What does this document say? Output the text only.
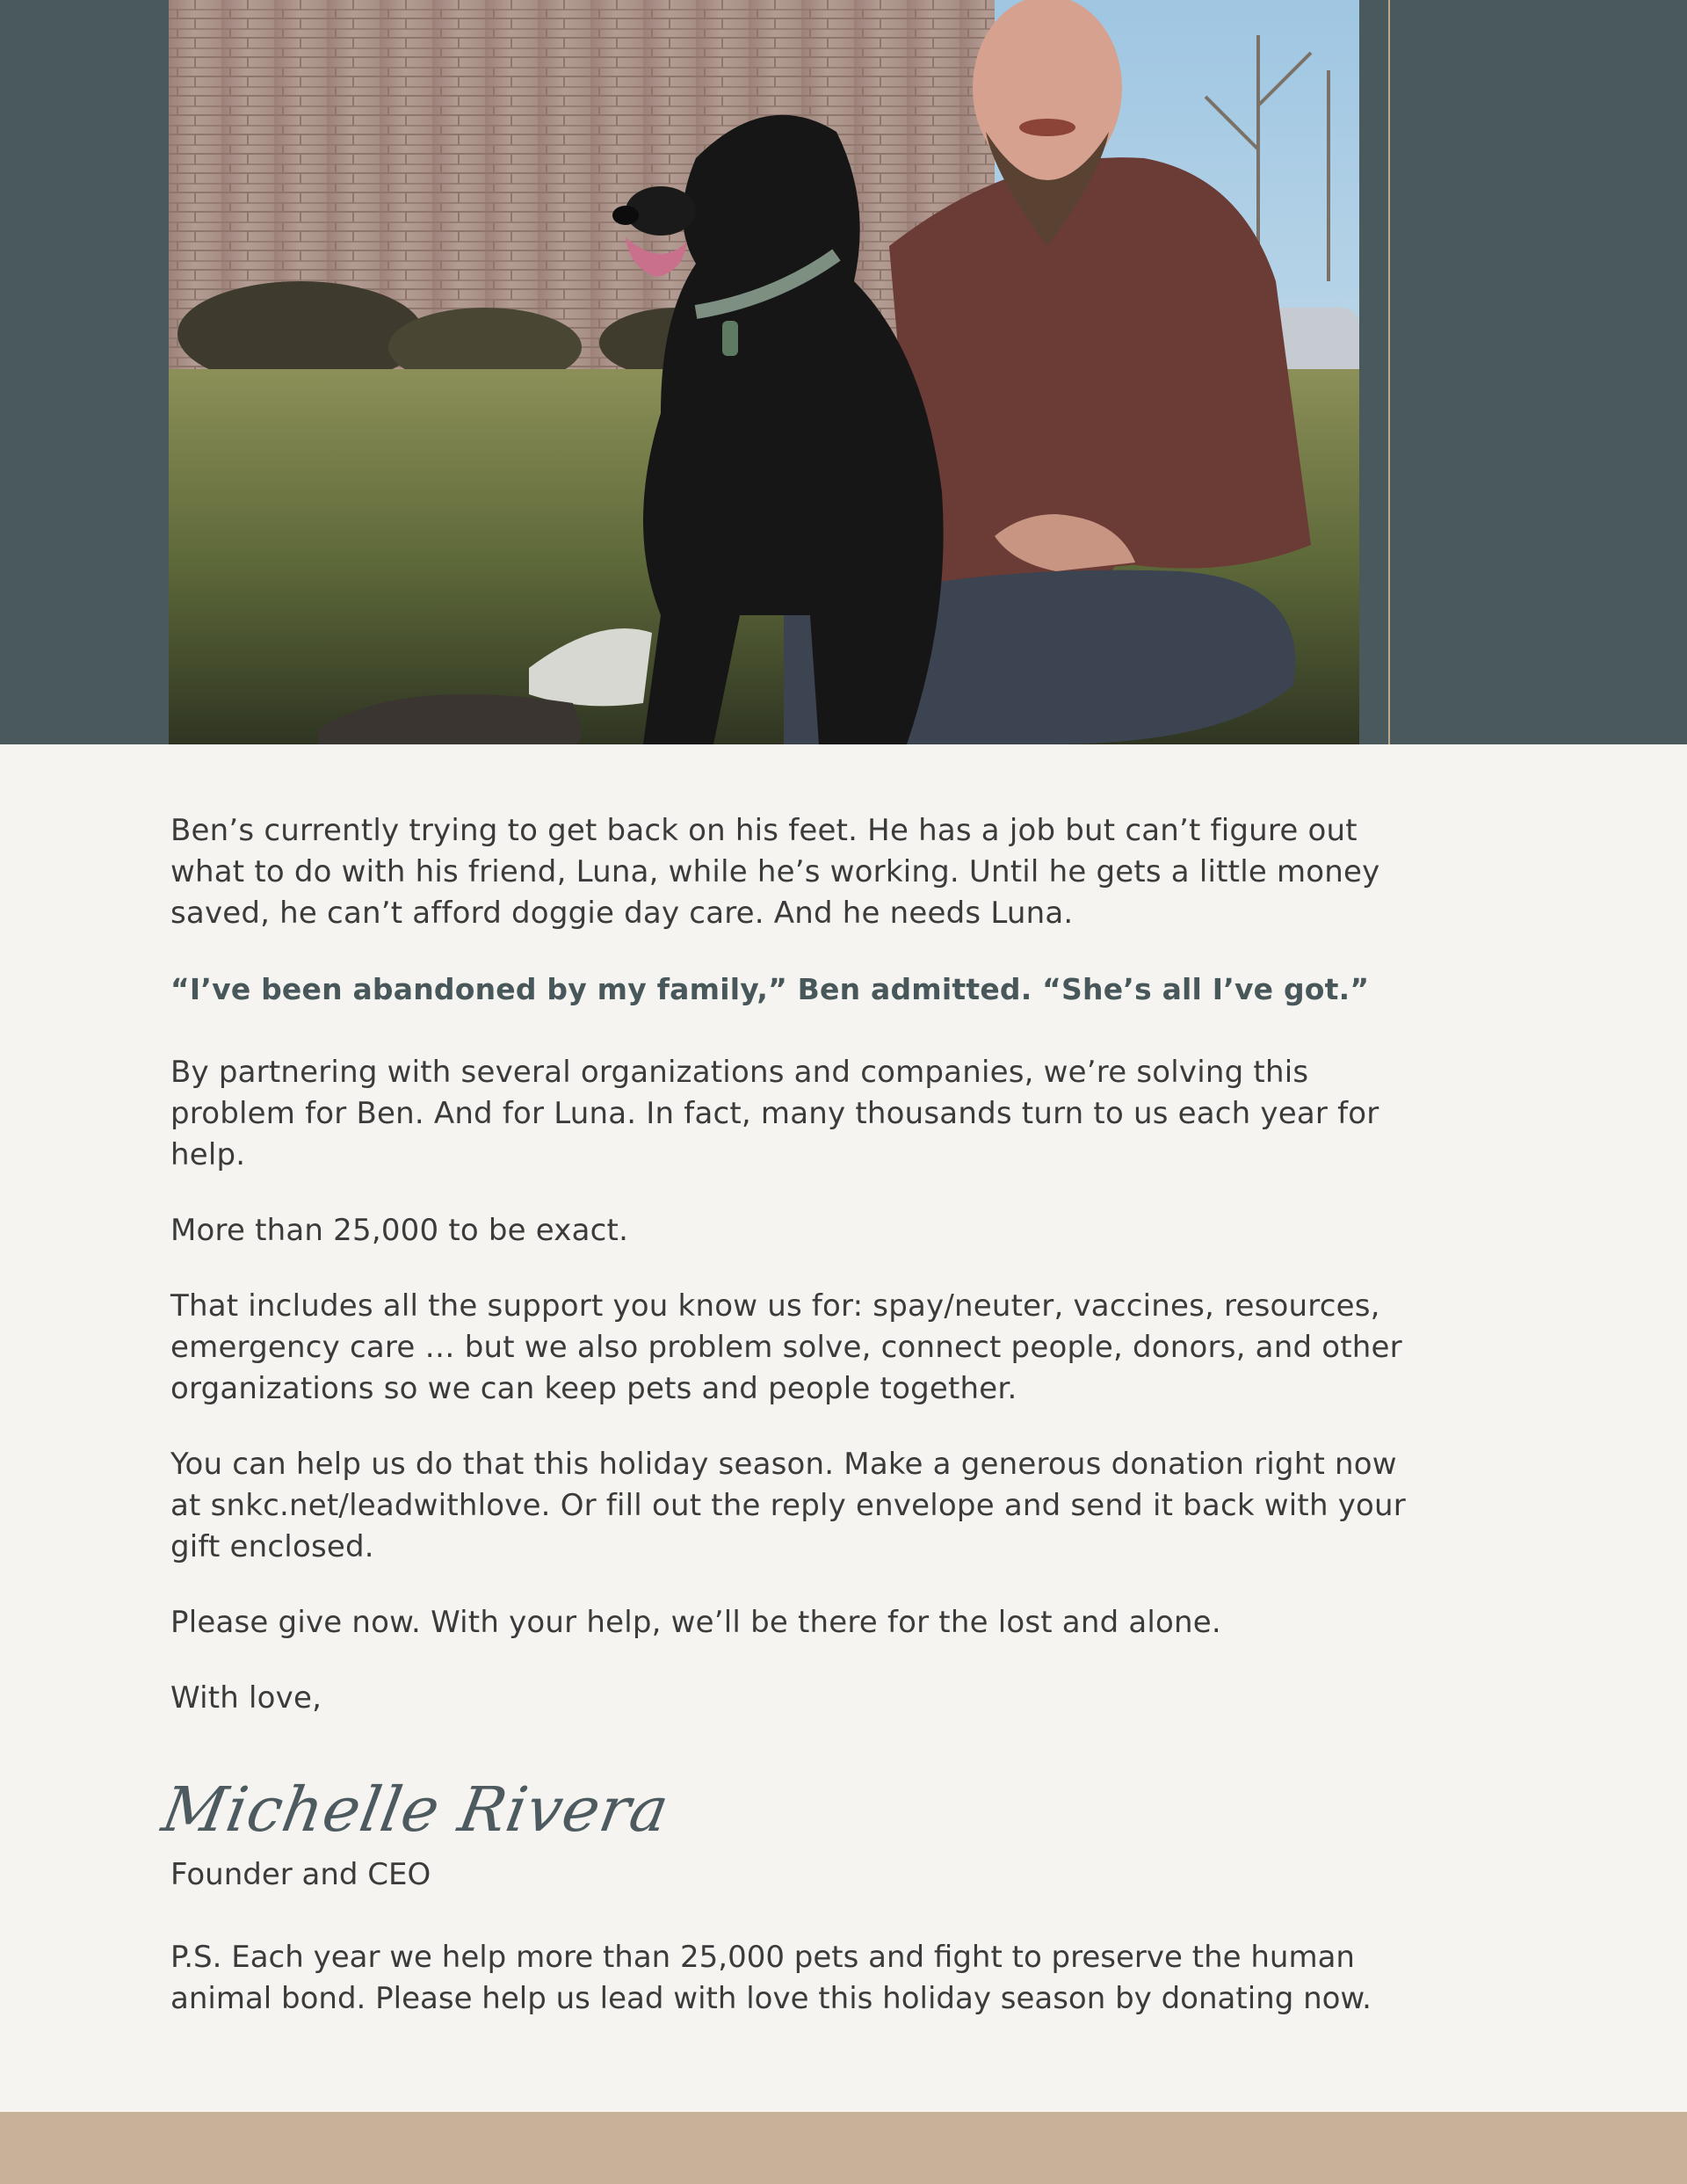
Ben’s currently trying to get back on his feet. He has a job but can’t figure out what to do with his friend, Luna, while he’s working. Until he gets a little money saved, he can’t afford doggie day care. And he needs Luna.

“I’ve been abandoned by my family,” Ben admitted. “She’s all I’ve got.”

By partnering with several organizations and companies, we’re solving this problem for Ben. And for Luna. In fact, many thousands turn to us each year for help.

More than 25,000 to be exact.

That includes all the support you know us for: spay/neuter, vaccines, resources, emergency care … but we also problem solve, connect people, donors, and other organizations so we can keep pets and people together.

You can help us do that this holiday season. Make a generous donation right now at snkc.net/leadwithlove. Or fill out the reply envelope and send it back with your gift enclosed.

Please give now. With your help, we’ll be there for the lost and alone.

With love,

Michelle Rivera
Founder and CEO

P.S. Each year we help more than 25,000 pets and fight to preserve the human animal bond. Please help us lead with love this holiday season by donating now.
